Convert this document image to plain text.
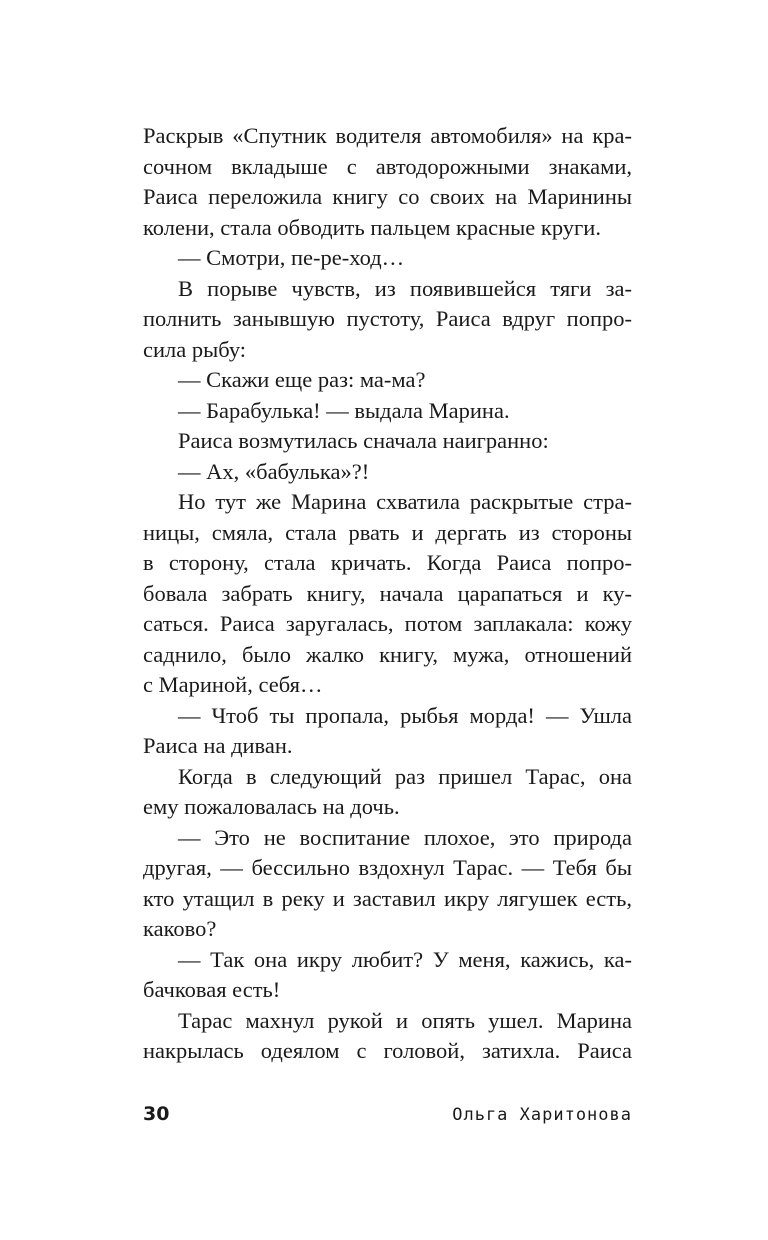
Раскрыв «Спутник водителя автомобиля» на кра-
сочном вкладыше с автодорожными знаками,
Раиса переложила книгу со своих на Маринины
колени, стала обводить пальцем красные круги.
— Смотри, пе-ре-ход…
В порыве чувств, из появившейся тяги за-
полнить занывшую пустоту, Раиса вдруг попро-
сила рыбу:
— Скажи еще раз: ма-ма?
— Барабулька! — выдала Марина.
Раиса возмутилась сначала наигранно:
— Ах, «бабулька»?!
Но тут же Марина схватила раскрытые стра-
ницы, смяла, стала рвать и дергать из стороны
в сторону, стала кричать. Когда Раиса попро-
бовала забрать книгу, начала царапаться и ку-
саться. Раиса заругалась, потом заплакала: кожу
саднило, было жалко книгу, мужа, отношений
с Мариной, себя…
— Чтоб ты пропала, рыбья морда! — Ушла
Раиса на диван.
Когда в следующий раз пришел Тарас, она
ему пожаловалась на дочь.
— Это не воспитание плохое, это природа
другая, — бессильно вздохнул Тарас. — Тебя бы
кто утащил в реку и заставил икру лягушек есть,
каково?
— Так она икру любит? У меня, кажись, ка-
бачковая есть!
Тарас махнул рукой и опять ушел. Марина
накрылась одеялом с головой, затихла. Раиса
30	Ольга Харитонова
